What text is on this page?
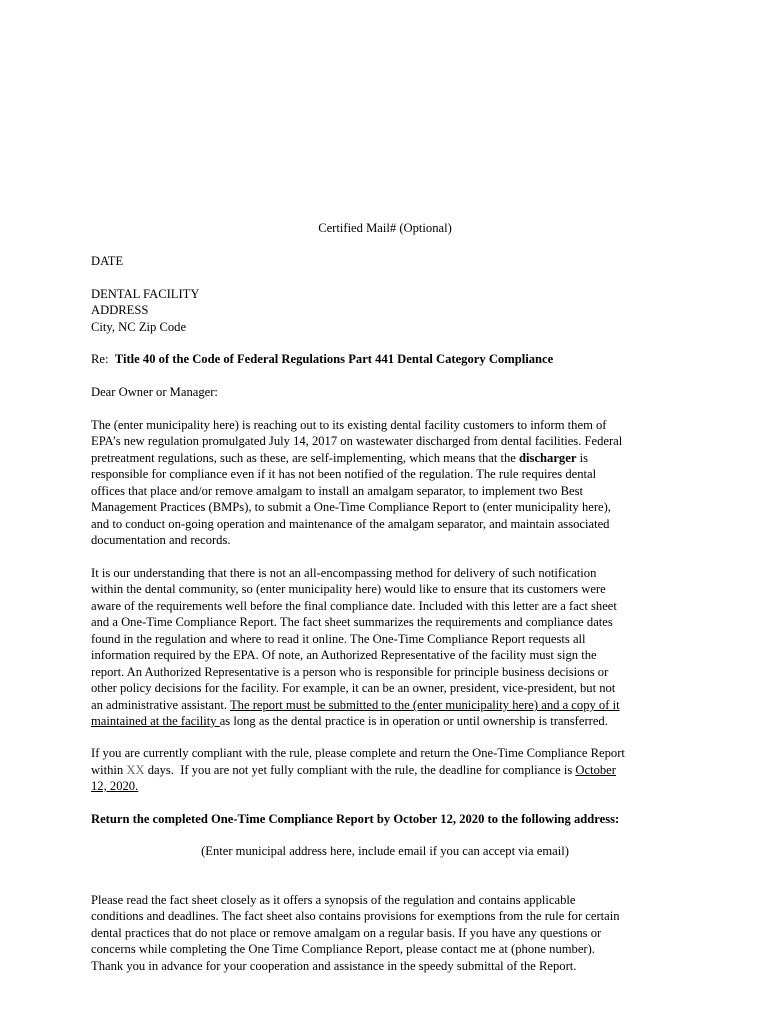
Certified Mail# (Optional)
DATE
DENTAL FACILITY
ADDRESS
City, NC Zip Code
Re:  Title 40 of the Code of Federal Regulations Part 441 Dental Category Compliance
Dear Owner or Manager:
The (enter municipality here) is reaching out to its existing dental facility customers to inform them of
EPA’s new regulation promulgated July 14, 2017 on wastewater discharged from dental facilities. Federal
pretreatment regulations, such as these, are self-implementing, which means that the discharger is
responsible for compliance even if it has not been notified of the regulation. The rule requires dental
offices that place and/or remove amalgam to install an amalgam separator, to implement two Best
Management Practices (BMPs), to submit a One-Time Compliance Report to (enter municipality here),
and to conduct on-going operation and maintenance of the amalgam separator, and maintain associated
documentation and records.
It is our understanding that there is not an all-encompassing method for delivery of such notification
within the dental community, so (enter municipality here) would like to ensure that its customers were
aware of the requirements well before the final compliance date. Included with this letter are a fact sheet
and a One-Time Compliance Report. The fact sheet summarizes the requirements and compliance dates
found in the regulation and where to read it online. The One-Time Compliance Report requests all
information required by the EPA. Of note, an Authorized Representative of the facility must sign the
report. An Authorized Representative is a person who is responsible for principle business decisions or
other policy decisions for the facility. For example, it can be an owner, president, vice-president, but not
an administrative assistant. The report must be submitted to the (enter municipality here) and a copy of it
maintained at the facility as long as the dental practice is in operation or until ownership is transferred.
If you are currently compliant with the rule, please complete and return the One-Time Compliance Report
within XX days.  If you are not yet fully compliant with the rule, the deadline for compliance is October
12, 2020.
Return the completed One-Time Compliance Report by October 12, 2020 to the following address:
(Enter municipal address here, include email if you can accept via email)
Please read the fact sheet closely as it offers a synopsis of the regulation and contains applicable
conditions and deadlines. The fact sheet also contains provisions for exemptions from the rule for certain
dental practices that do not place or remove amalgam on a regular basis. If you have any questions or
concerns while completing the One Time Compliance Report, please contact me at (phone number).
Thank you in advance for your cooperation and assistance in the speedy submittal of the Report.
